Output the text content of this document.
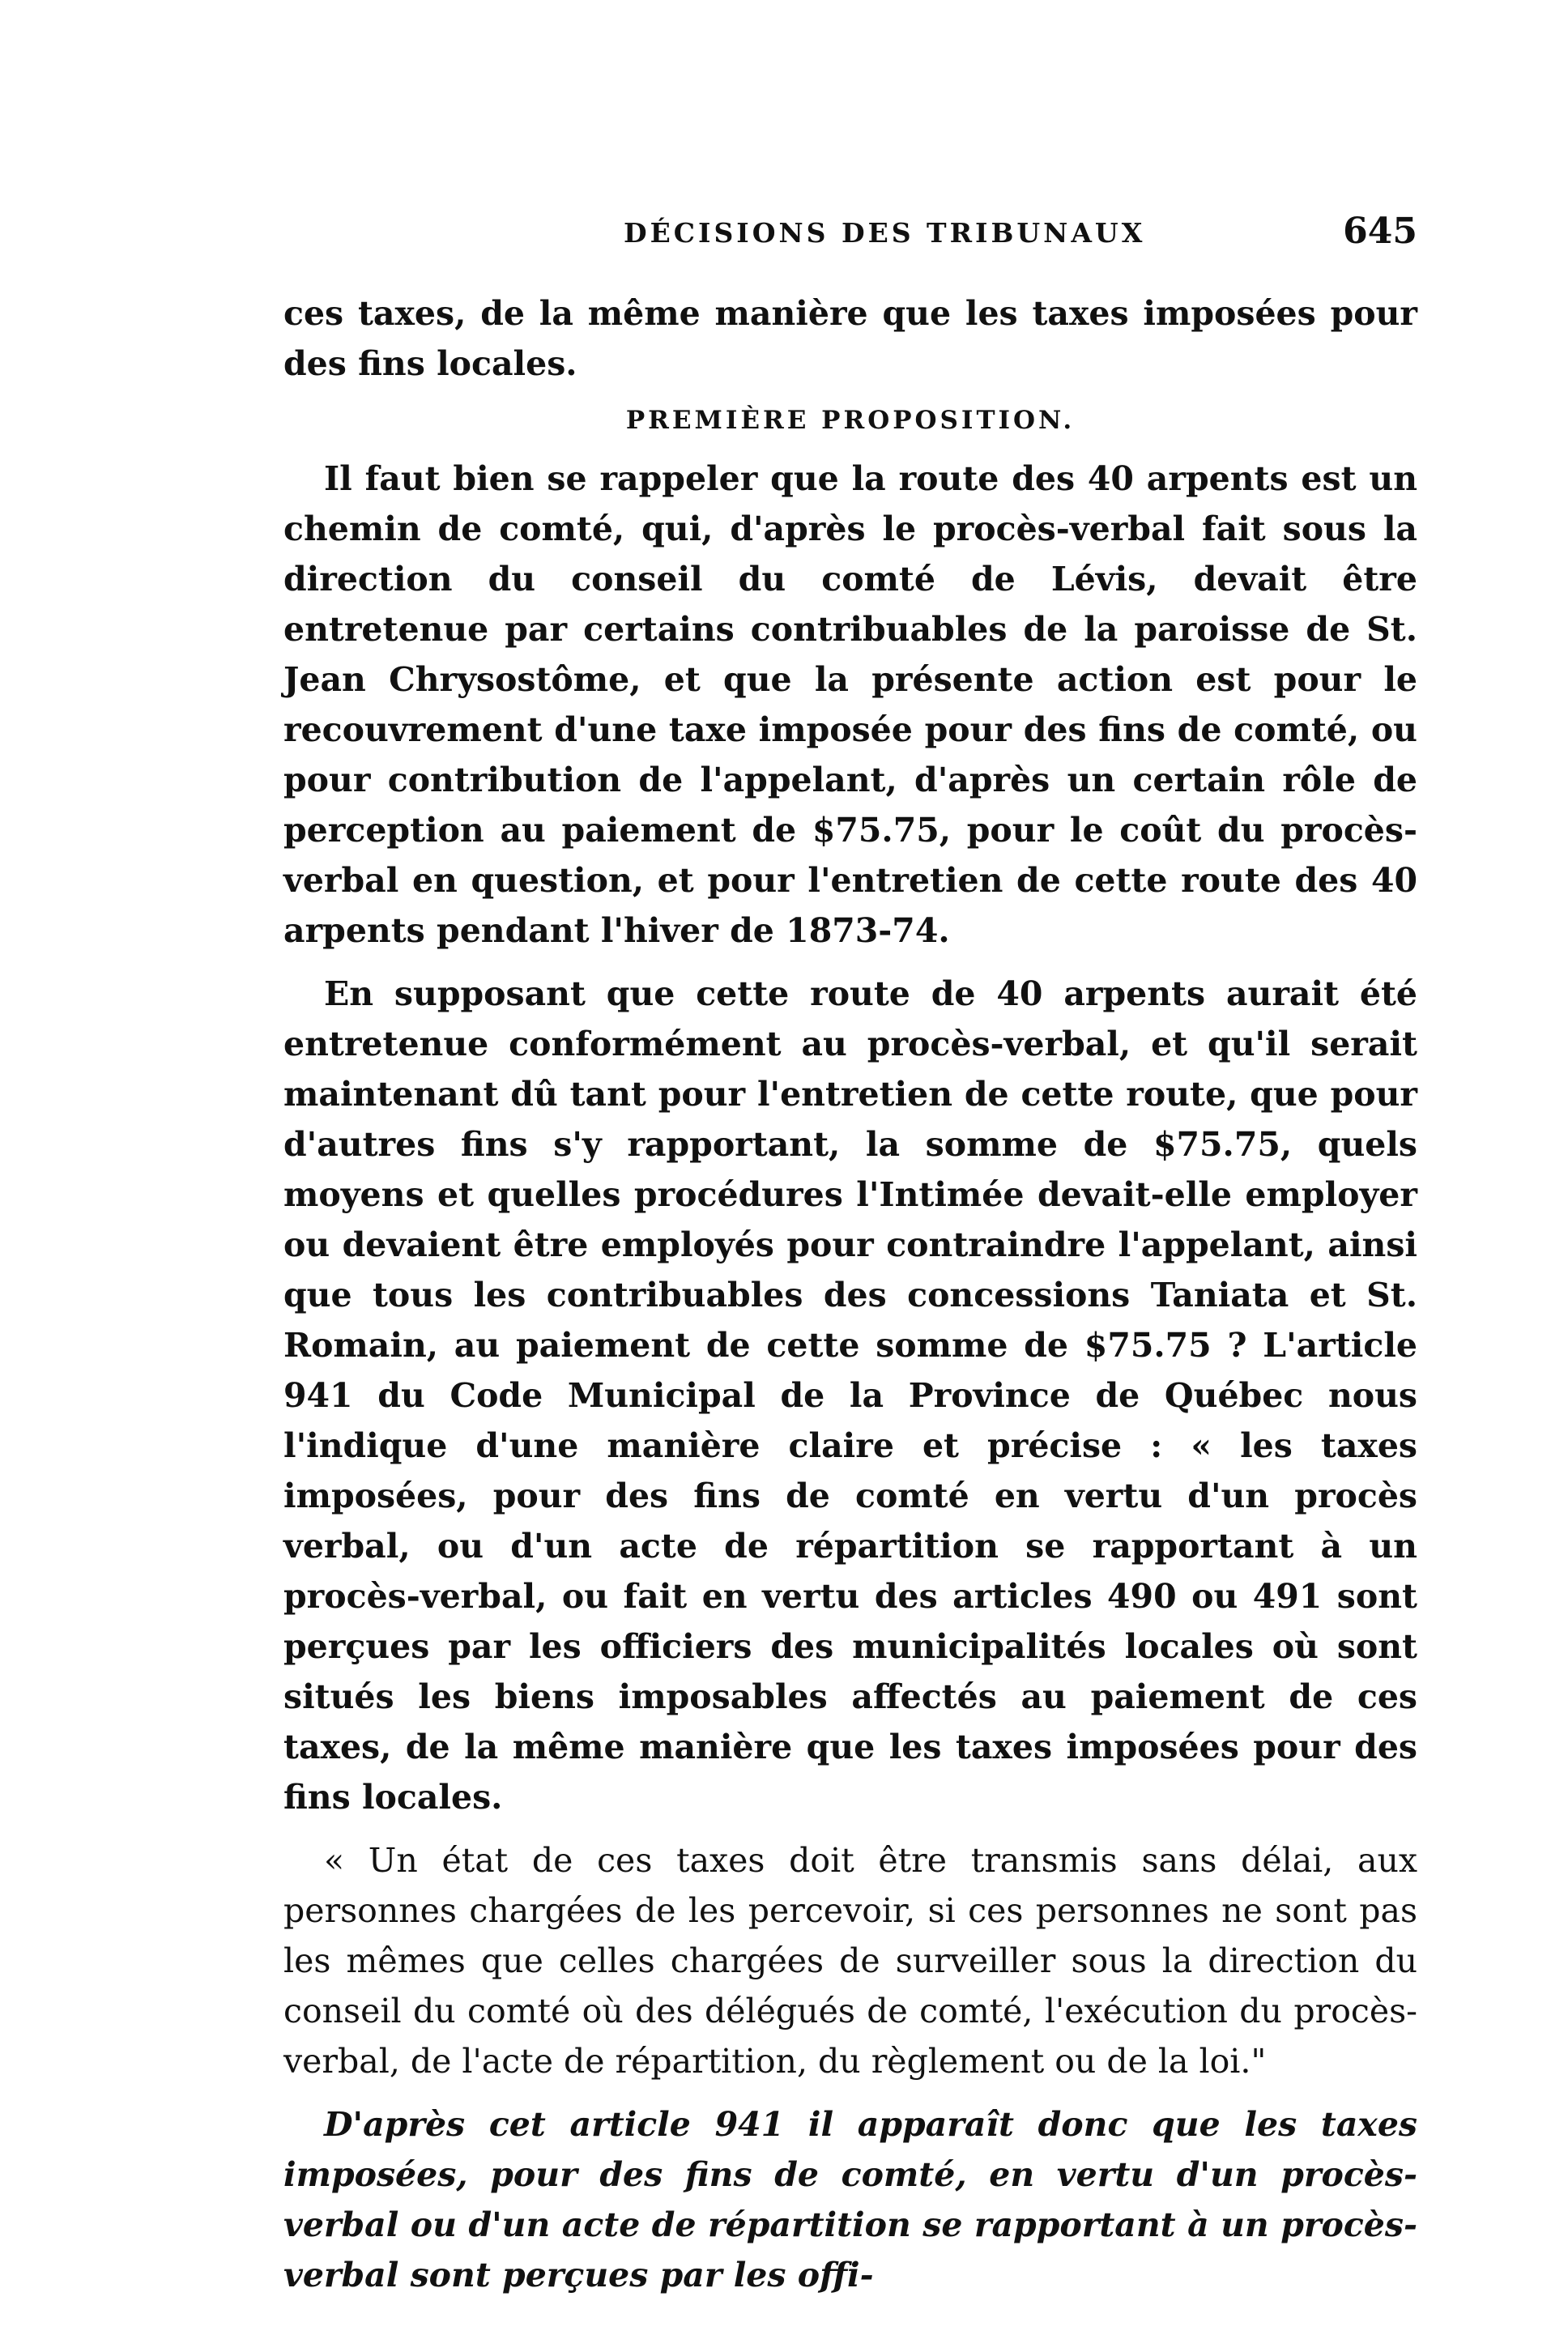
DÉCISIONS DES TRIBUNAUX	645

ces taxes, de la même manière que les taxes imposées pour des fins locales.

PREMIÈRE PROPOSITION.

Il faut bien se rappeler que la route des 40 arpents est un chemin de comté, qui, d'après le procès-verbal fait sous la direction du conseil du comté de Lévis, devait être entretenue par certains contribuables de la paroisse de St. Jean Chrysostôme, et que la présente action est pour le recouvrement d'une taxe imposée pour des fins de comté, ou pour contribution de l'appelant, d'après un certain rôle de perception au paiement de $75.75, pour le coût du procès-verbal en question, et pour l'entretien de cette route des 40 arpents pendant l'hiver de 1873-74.

En supposant que cette route de 40 arpents aurait été entretenue conformément au procès-verbal, et qu'il serait maintenant dû tant pour l'entretien de cette route, que pour d'autres fins s'y rapportant, la somme de $75.75, quels moyens et quelles procédures l'Intimée devait-elle employer ou devaient être employés pour contraindre l'appelant, ainsi que tous les contribuables des concessions Taniata et St. Romain, au paiement de cette somme de $75.75 ? L'article 941 du Code Municipal de la Province de Québec nous l'indique d'une manière claire et précise : « les taxes imposées, pour des fins de comté en vertu d'un procès verbal, ou d'un acte de répartition se rapportant à un procès-verbal, ou fait en vertu des articles 490 ou 491 sont perçues par les officiers des municipalités locales où sont situés les biens imposables affectés au paiement de ces taxes, de la même manière que les taxes imposées pour des fins locales.

« Un état de ces taxes doit être transmis sans délai, aux personnes chargées de les percevoir, si ces personnes ne sont pas les mêmes que celles chargées de surveiller sous la direction du conseil du comté où des délégués de comté, l'exécution du procès-verbal, de l'acte de répartition, du règlement ou de la loi."

D'après cet article 941 il apparaît donc que les taxes imposées, pour des fins de comté, en vertu d'un procès-verbal ou d'un acte de répartition se rapportant à un procès-verbal sont perçues par les offi-
